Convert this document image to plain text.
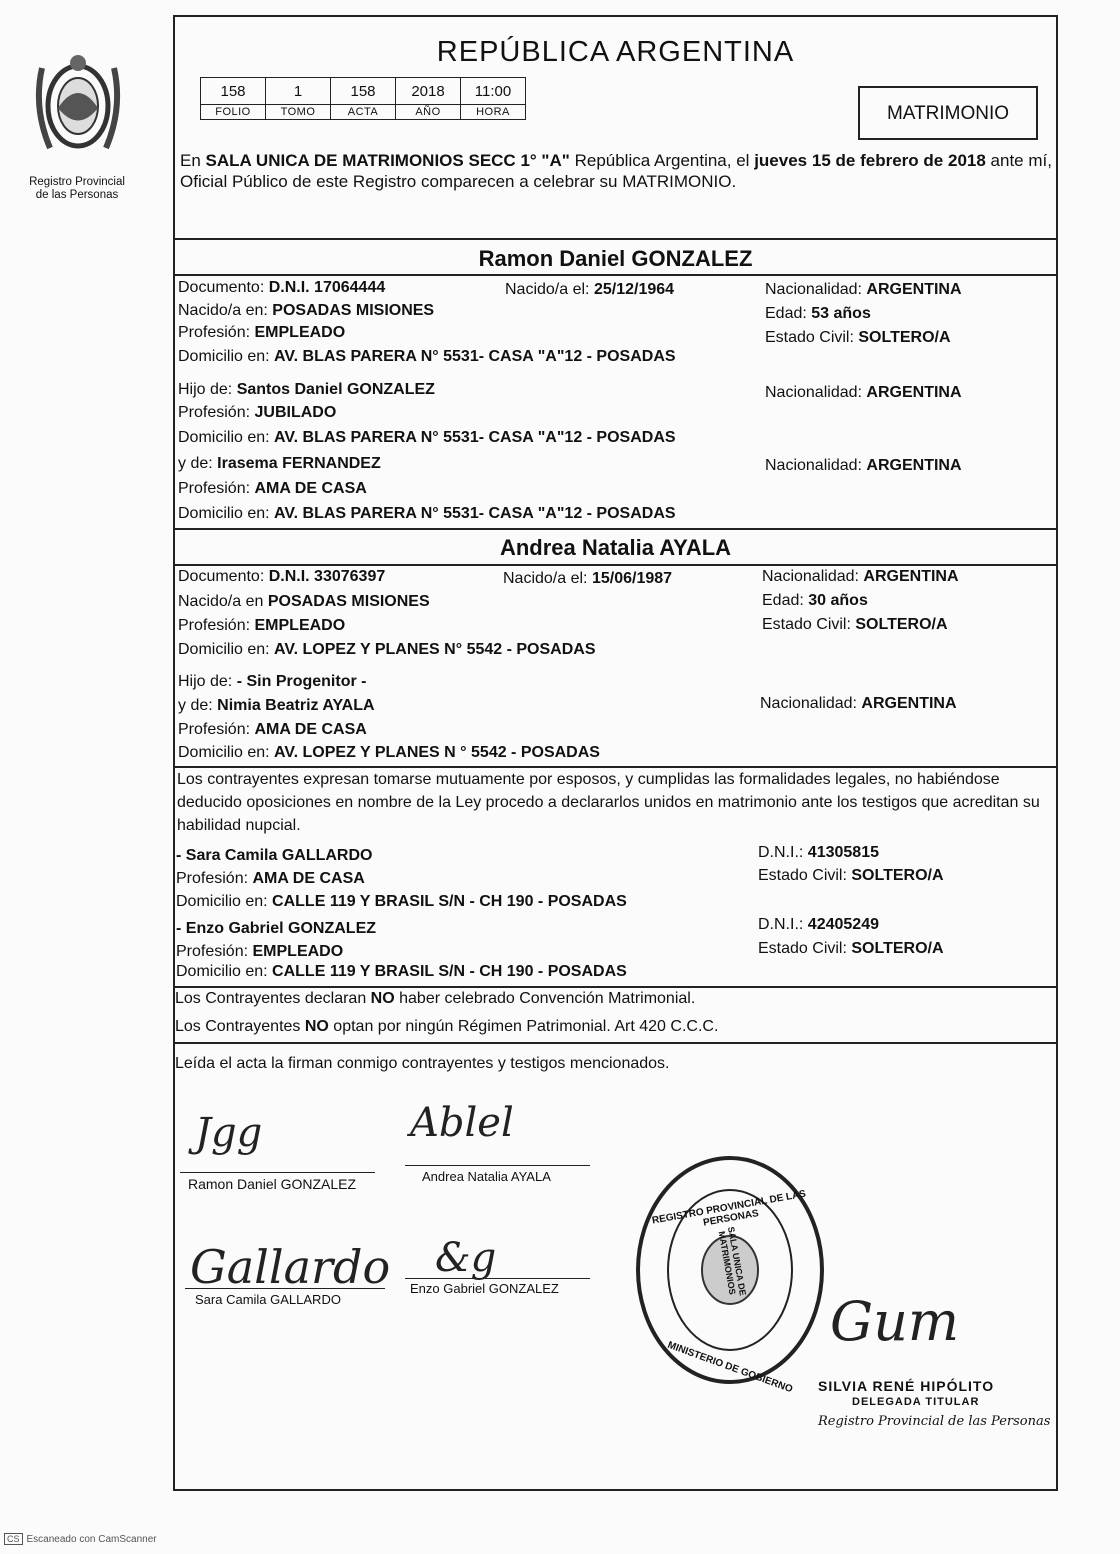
Registro Provincial
de las Personas
REPÚBLICA ARGENTINA
158	1	158	2018	11:00
FOLIO	TOMO	ACTA	AÑO	HORA	MATRIMONIO
En SALA UNICA DE MATRIMONIOS SECC 1° "A" República Argentina, el jueves 15 de febrero de 2018 ante mí, Oficial Público de este Registro comparecen a celebrar su MATRIMONIO.
Ramon Daniel GONZALEZ
Documento: D.N.I. 17064444	Nacido/a el: 25/12/1964	Nacionalidad: ARGENTINA
Nacido/a en: POSADAS MISIONES	Edad: 53 años
Profesión: EMPLEADO	Estado Civil: SOLTERO/A
Domicilio en: AV. BLAS PARERA N° 5531- CASA "A"12 - POSADAS
Hijo de: Santos Daniel GONZALEZ	Nacionalidad: ARGENTINA
Profesión: JUBILADO
Domicilio en: AV. BLAS PARERA N° 5531- CASA "A"12 - POSADAS
y de: Irasema FERNANDEZ	Nacionalidad: ARGENTINA
Profesión: AMA DE CASA
Domicilio en: AV. BLAS PARERA N° 5531- CASA "A"12 - POSADAS
Andrea Natalia AYALA
Documento: D.N.I. 33076397	Nacido/a el: 15/06/1987	Nacionalidad: ARGENTINA
Nacido/a en POSADAS MISIONES	Edad: 30 años
Profesión: EMPLEADO	Estado Civil: SOLTERO/A
Domicilio en: AV. LOPEZ Y PLANES N° 5542 - POSADAS
Hijo de: - Sin Progenitor -
y de: Nimia Beatriz AYALA	Nacionalidad: ARGENTINA
Profesión: AMA DE CASA
Domicilio en: AV. LOPEZ Y PLANES N ° 5542 - POSADAS
Los contrayentes expresan tomarse mutuamente por esposos, y cumplidas las formalidades legales, no habiéndose deducido oposiciones en nombre de la Ley procedo a declararlos unidos en matrimonio ante los testigos que acreditan su habilidad nupcial.
- Sara Camila GALLARDO	D.N.I.: 41305815
Profesión: AMA DE CASA	Estado Civil: SOLTERO/A
Domicilio en: CALLE 119 Y BRASIL S/N - CH 190 - POSADAS
- Enzo Gabriel GONZALEZ	D.N.I.: 42405249
Profesión: EMPLEADO	Estado Civil: SOLTERO/A
Domicilio en: CALLE 119 Y BRASIL S/N - CH 190 - POSADAS
Los Contrayentes declaran NO haber celebrado Convención Matrimonial.
Los Contrayentes NO optan por ningún Régimen Patrimonial. Art 420 C.C.C.
Leída el acta la firman conmigo contrayentes y testigos mencionados.
Jgg
Ramon Daniel GONZALEZ
Ablel
Andrea Natalia AYALA
Gallardo
Sara Camila GALLARDO
&g
Enzo Gabriel GONZALEZ	SALA UNICA DE MATRIMONIOS
REGISTRO PROVINCIAL DE LAS PERSONAS
MINISTERIO DE GOBIERNO
Gum
SILVIA RENÉ HIPÓLITO
DELEGADA TITULAR
Registro Provincial de las Personas
CS Escaneado con CamScanner
